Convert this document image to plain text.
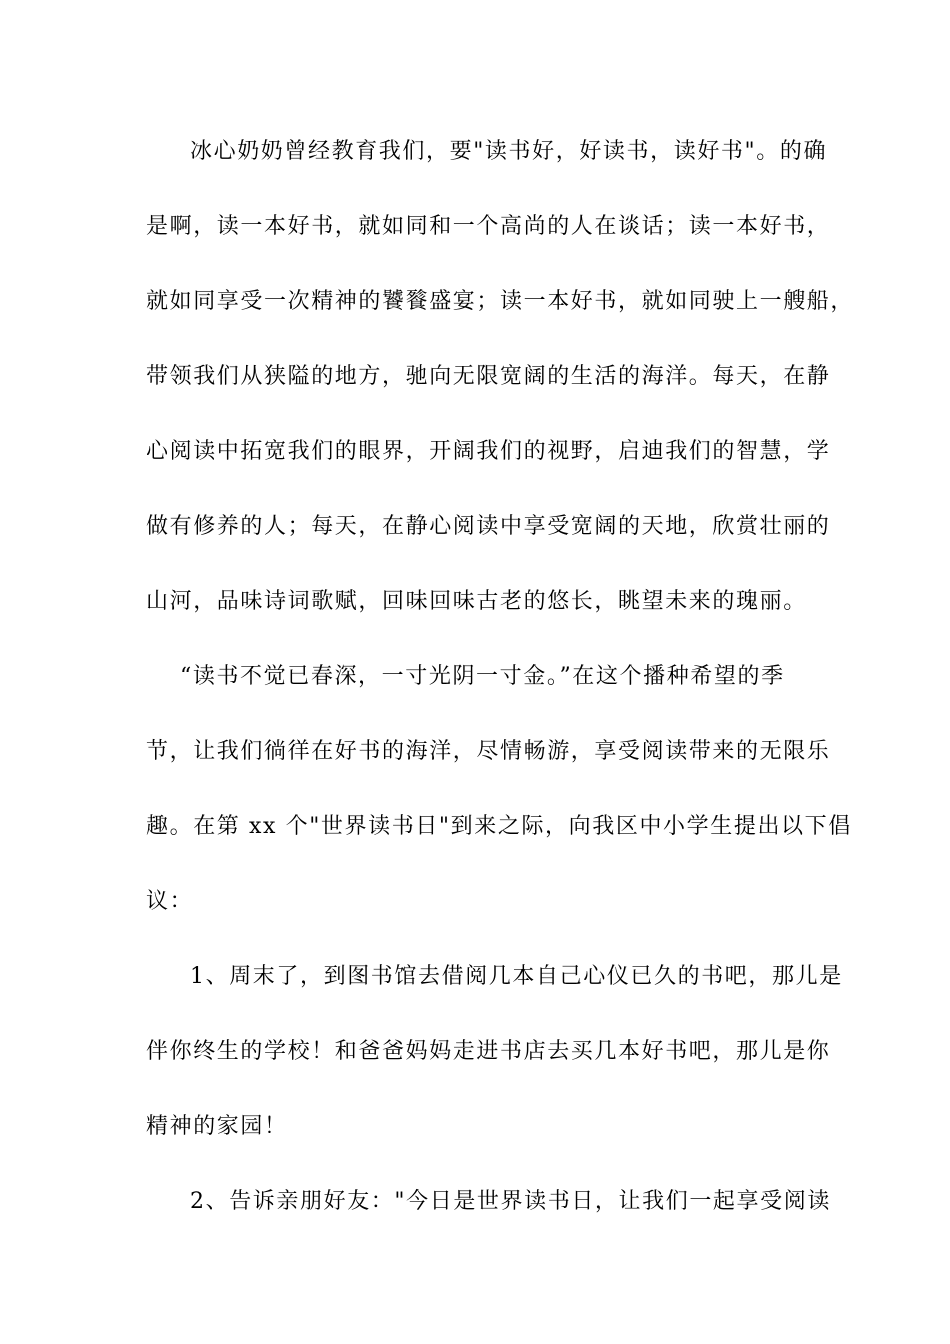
冰心奶奶曾经教育我们，要"读书好，好读书，读好书"。的确
是啊，读一本好书，就如同和一个高尚的人在谈话；读一本好书，
就如同享受一次精神的饕餮盛宴；读一本好书，就如同驶上一艘船，
带领我们从狭隘的地方，驰向无限宽阔的生活的海洋。每天，在静
心阅读中拓宽我们的眼界，开阔我们的视野，启迪我们的智慧，学
做有修养的人；每天，在静心阅读中享受宽阔的天地，欣赏壮丽的
山河，品味诗词歌赋，回味回味古老的悠长，眺望未来的瑰丽。
“读书不觉已春深，一寸光阴一寸金。”在这个播种希望的季
节，让我们徜徉在好书的海洋，尽情畅游，享受阅读带来的无限乐
趣。在第 xx 个"世界读书日"到来之际，向我区中小学生提出以下倡
议：
1、周末了，到图书馆去借阅几本自己心仪已久的书吧，那儿是
伴你终生的学校！和爸爸妈妈走进书店去买几本好书吧，那儿是你
精神的家园！
2、告诉亲朋好友："今日是世界读书日，让我们一起享受阅读
